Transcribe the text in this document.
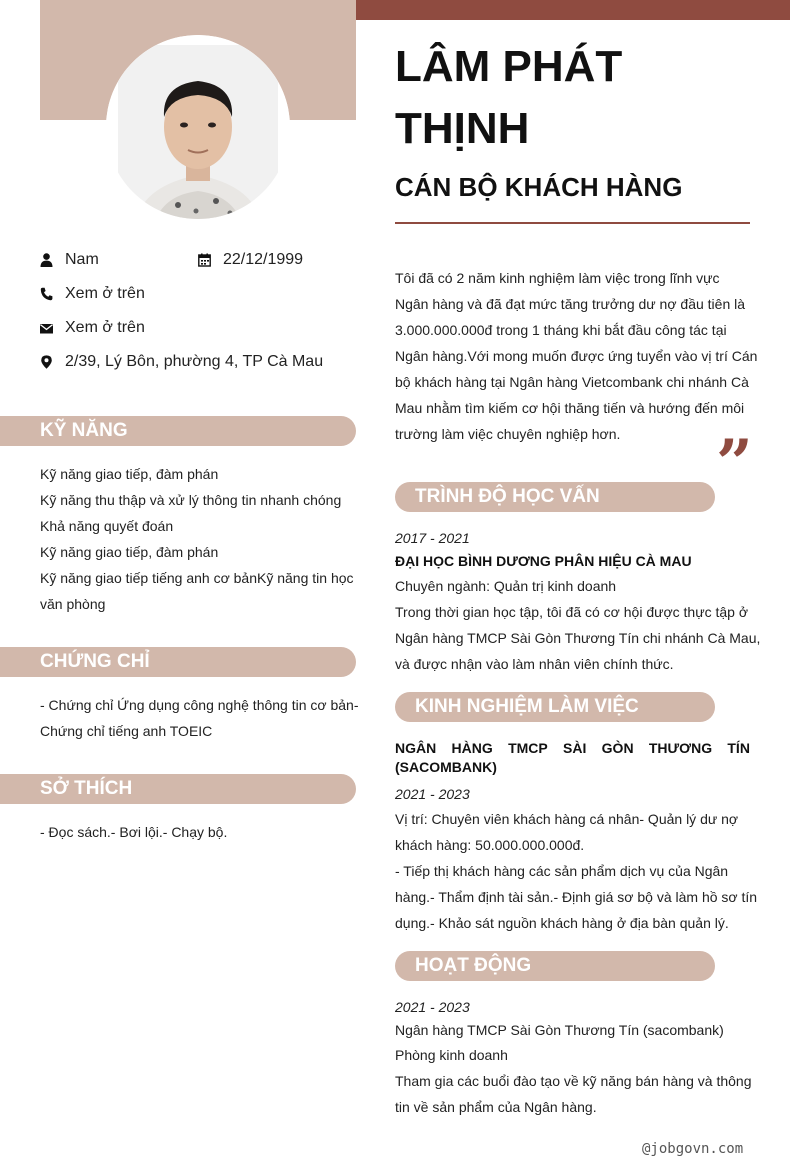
Nam	22/12/1999
Xem ở trên
Xem ở trên
2/39, Lý Bôn, phường 4, TP Cà Mau
KỸ NĂNG
Kỹ năng giao tiếp, đàm phán
Kỹ năng thu thập và xử lý thông tin nhanh chóng
Khả năng quyết đoán
Kỹ năng giao tiếp, đàm phán
Kỹ năng giao tiếp tiếng anh cơ bảnKỹ năng tin học
văn phòng
CHỨNG CHỈ
- Chứng chỉ Ứng dụng công nghệ thông tin cơ bản-
Chứng chỉ tiếng anh TOEIC
SỞ THÍCH
- Đọc sách.- Bơi lội.- Chạy bộ.
LÂM PHÁT
THỊNH
CÁN BỘ KHÁCH HÀNG
Tôi đã có 2 năm kinh nghiệm làm việc trong lĩnh vực
Ngân hàng và đã đạt mức tăng trưởng dư nợ đầu tiên là
3.000.000.000đ trong 1 tháng khi bắt đầu công tác tại
Ngân hàng.Với mong muốn được ứng tuyển vào vị trí Cán
bộ khách hàng tại Ngân hàng Vietcombank chi nhánh Cà
Mau nhằm tìm kiếm cơ hội thăng tiến và hướng đến môi
trường làm việc chuyên nghiệp hơn.	”
TRÌNH ĐỘ HỌC VẤN
2017 - 2021
ĐẠI HỌC BÌNH DƯƠNG PHÂN HIỆU CÀ MAU
Chuyên ngành: Quản trị kinh doanh
Trong thời gian học tập, tôi đã có cơ hội được thực tập ở
Ngân hàng TMCP Sài Gòn Thương Tín chi nhánh Cà Mau,
và được nhận vào làm nhân viên chính thức.
KINH NGHIỆM LÀM VIỆC
NGÂN HÀNG TMCP SÀI GÒN THƯƠNG TÍN
(SACOMBANK)
2021 - 2023
Vị trí: Chuyên viên khách hàng cá nhân- Quản lý dư nợ
khách hàng: 50.000.000.000đ.
- Tiếp thị khách hàng các sản phẩm dịch vụ của Ngân
hàng.- Thẩm định tài sản.- Định giá sơ bộ và làm hồ sơ tín
dụng.- Khảo sát nguồn khách hàng ở địa bàn quản lý.
HOẠT ĐỘNG
2021 - 2023
Ngân hàng TMCP Sài Gòn Thương Tín (sacombank)
Phòng kinh doanh
Tham gia các buổi đào tạo về kỹ năng bán hàng và thông
tin về sản phẩm của Ngân hàng.
@jobgovn.com
